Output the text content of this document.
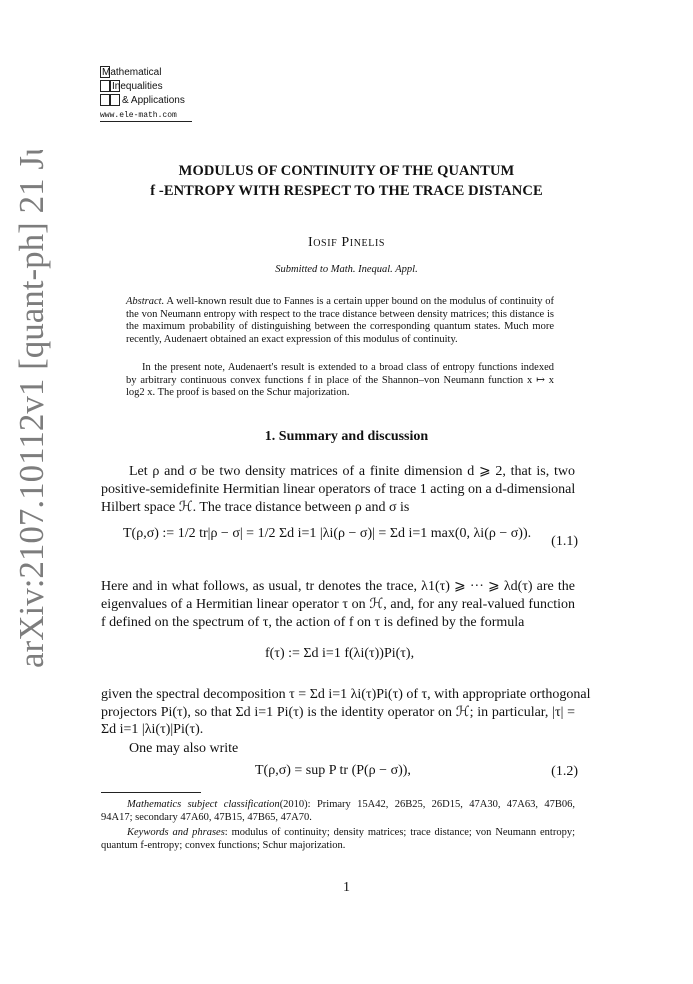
arXiv:2107.10112v1 [quant-ph] 21 Jul 2021	Mathematical
Inequalities
& Applications
www.ele-math.com
MODULUS OF CONTINUITY OF THE QUANTUM
f -ENTROPY WITH RESPECT TO THE TRACE DISTANCE
Iosif Pinelis
Submitted to Math. Inequal. Appl.
Abstract. A well-known result due to Fannes is a certain upper bound on the modulus of continuity of the von Neumann entropy with respect to the trace distance between density matrices; this distance is the maximum probability of distinguishing between the corresponding quantum states. Much more recently, Audenaert obtained an exact expression of this modulus of continuity.
In the present note, Audenaert's result is extended to a broad class of entropy functions indexed by arbitrary continuous convex functions f in place of the Shannon–von Neumann function x ↦ x log2 x. The proof is based on the Schur majorization.
1. Summary and discussion
Let ρ and σ be two density matrices of a finite dimension d ⩾ 2, that is, two
positive-semidefinite Hermitian linear operators of trace 1 acting on a d-dimensional
Hilbert space ℋ. The trace distance between ρ and σ is
T(ρ,σ) := 1/2 tr|ρ − σ| = 1/2 Σd i=1 |λi(ρ − σ)| = Σd i=1 max(0, λi(ρ − σ)).
(1.1)
Here and in what follows, as usual, tr denotes the trace, λ1(τ) ⩾ ··· ⩾ λd(τ) are the
eigenvalues of a Hermitian linear operator τ on ℋ, and, for any real-valued function
f defined on the spectrum of τ, the action of f on τ is defined by the formula
f(τ) := Σd i=1 f(λi(τ))Pi(τ),
given the spectral decomposition τ = Σd i=1 λi(τ)Pi(τ) of τ, with appropriate orthogonal
projectors Pi(τ), so that Σd i=1 Pi(τ) is the identity operator on ℋ; in particular, |τ| =
Σd i=1 |λi(τ)|Pi(τ).
One may also write
T(ρ,σ) = sup P tr (P(ρ − σ)),	(1.2)
Mathematics subject classification(2010): Primary 15A42, 26B25, 26D15, 47A30, 47A63, 47B06, 94A17; secondary 47A60, 47B15, 47B65, 47A70.
Keywords and phrases: modulus of continuity; density matrices; trace distance; von Neumann entropy; quantum f-entropy; convex functions; Schur majorization.
1
